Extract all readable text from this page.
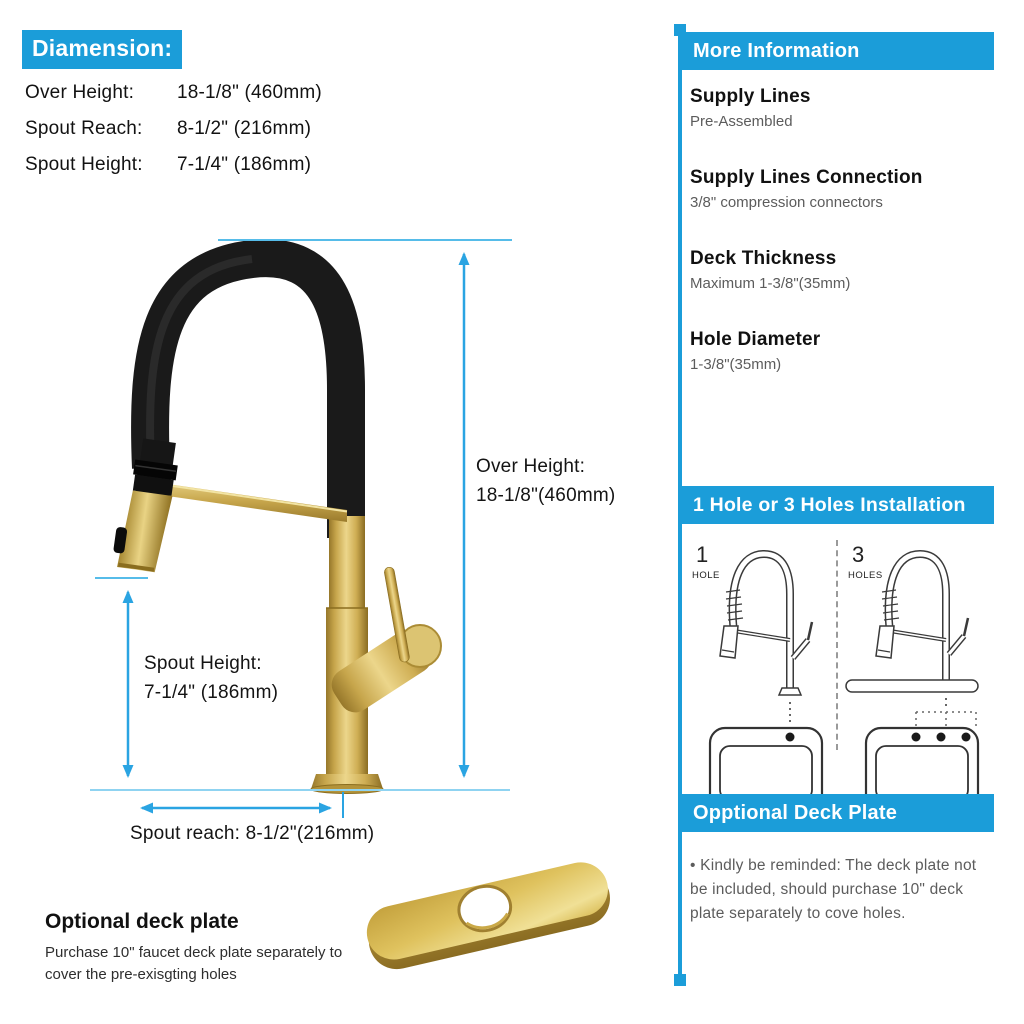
Diamension:
Over Height:	18-1/8" (460mm)
Spout Reach:	8-1/2" (216mm)
Spout Height:	7-1/4" (186mm)
Over Height:
18-1/8"(460mm)
Spout Height:
7-1/4" (186mm)
Spout reach: 8-1/2"(216mm)
Optional deck plate
Purchase 10" faucet deck plate separately to
cover the pre-exisgting holes
More Information
Supply Lines
Pre-Assembled
Supply Lines Connection
3/8" compression connectors
Deck Thickness
Maximum 1-3/8"(35mm)
Hole Diameter
1-3/8"(35mm)
1 Hole or 3 Holes Installation
1
HOLE
3
HOLES
Opptional Deck Plate
• Kindly be reminded: The deck plate not be included, should purchase 10" deck plate separately to cove holes.
